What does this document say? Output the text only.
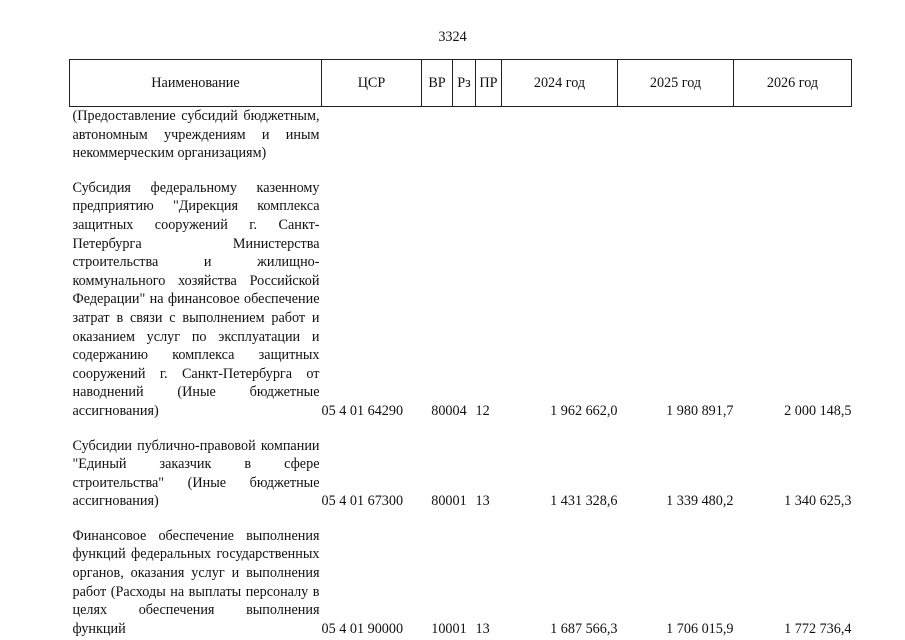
3324
Наименование	ЦСР	ВР	Рз	ПР	2024 год	2025 год	2026 год
(Предоставление субсидий бюджетным, автономным учреждениям и иным некоммерческим организациям)							

Субсидия федеральному казенному предприятию "Дирекция комплекса защитных сооружений г. Санкт-Петербурга Министерства строительства и жилищно-коммунального хозяйства Российской Федерации" на финансовое обеспечение затрат в связи с выполнением работ и оказанием услуг по эксплуатации и содержанию комплекса защитных сооружений г. Санкт-Петербурга от наводнений (Иные бюджетные ассигнования)	05 4 01 64290	800	04	12	1 962 662,0	1 980 891,7	2 000 148,5

Субсидии публично-правовой компании "Единый заказчик в сфере строительства" (Иные бюджетные ассигнования)	05 4 01 67300	800	01	13	1 431 328,6	1 339 480,2	1 340 625,3

Финансовое обеспечение выполнения функций федеральных государственных органов, оказания услуг и выполнения работ (Расходы на выплаты персоналу в целях обеспечения выполнения функций	05 4 01 90000	100	01	13	1 687 566,3	1 706 015,9	1 772 736,4
